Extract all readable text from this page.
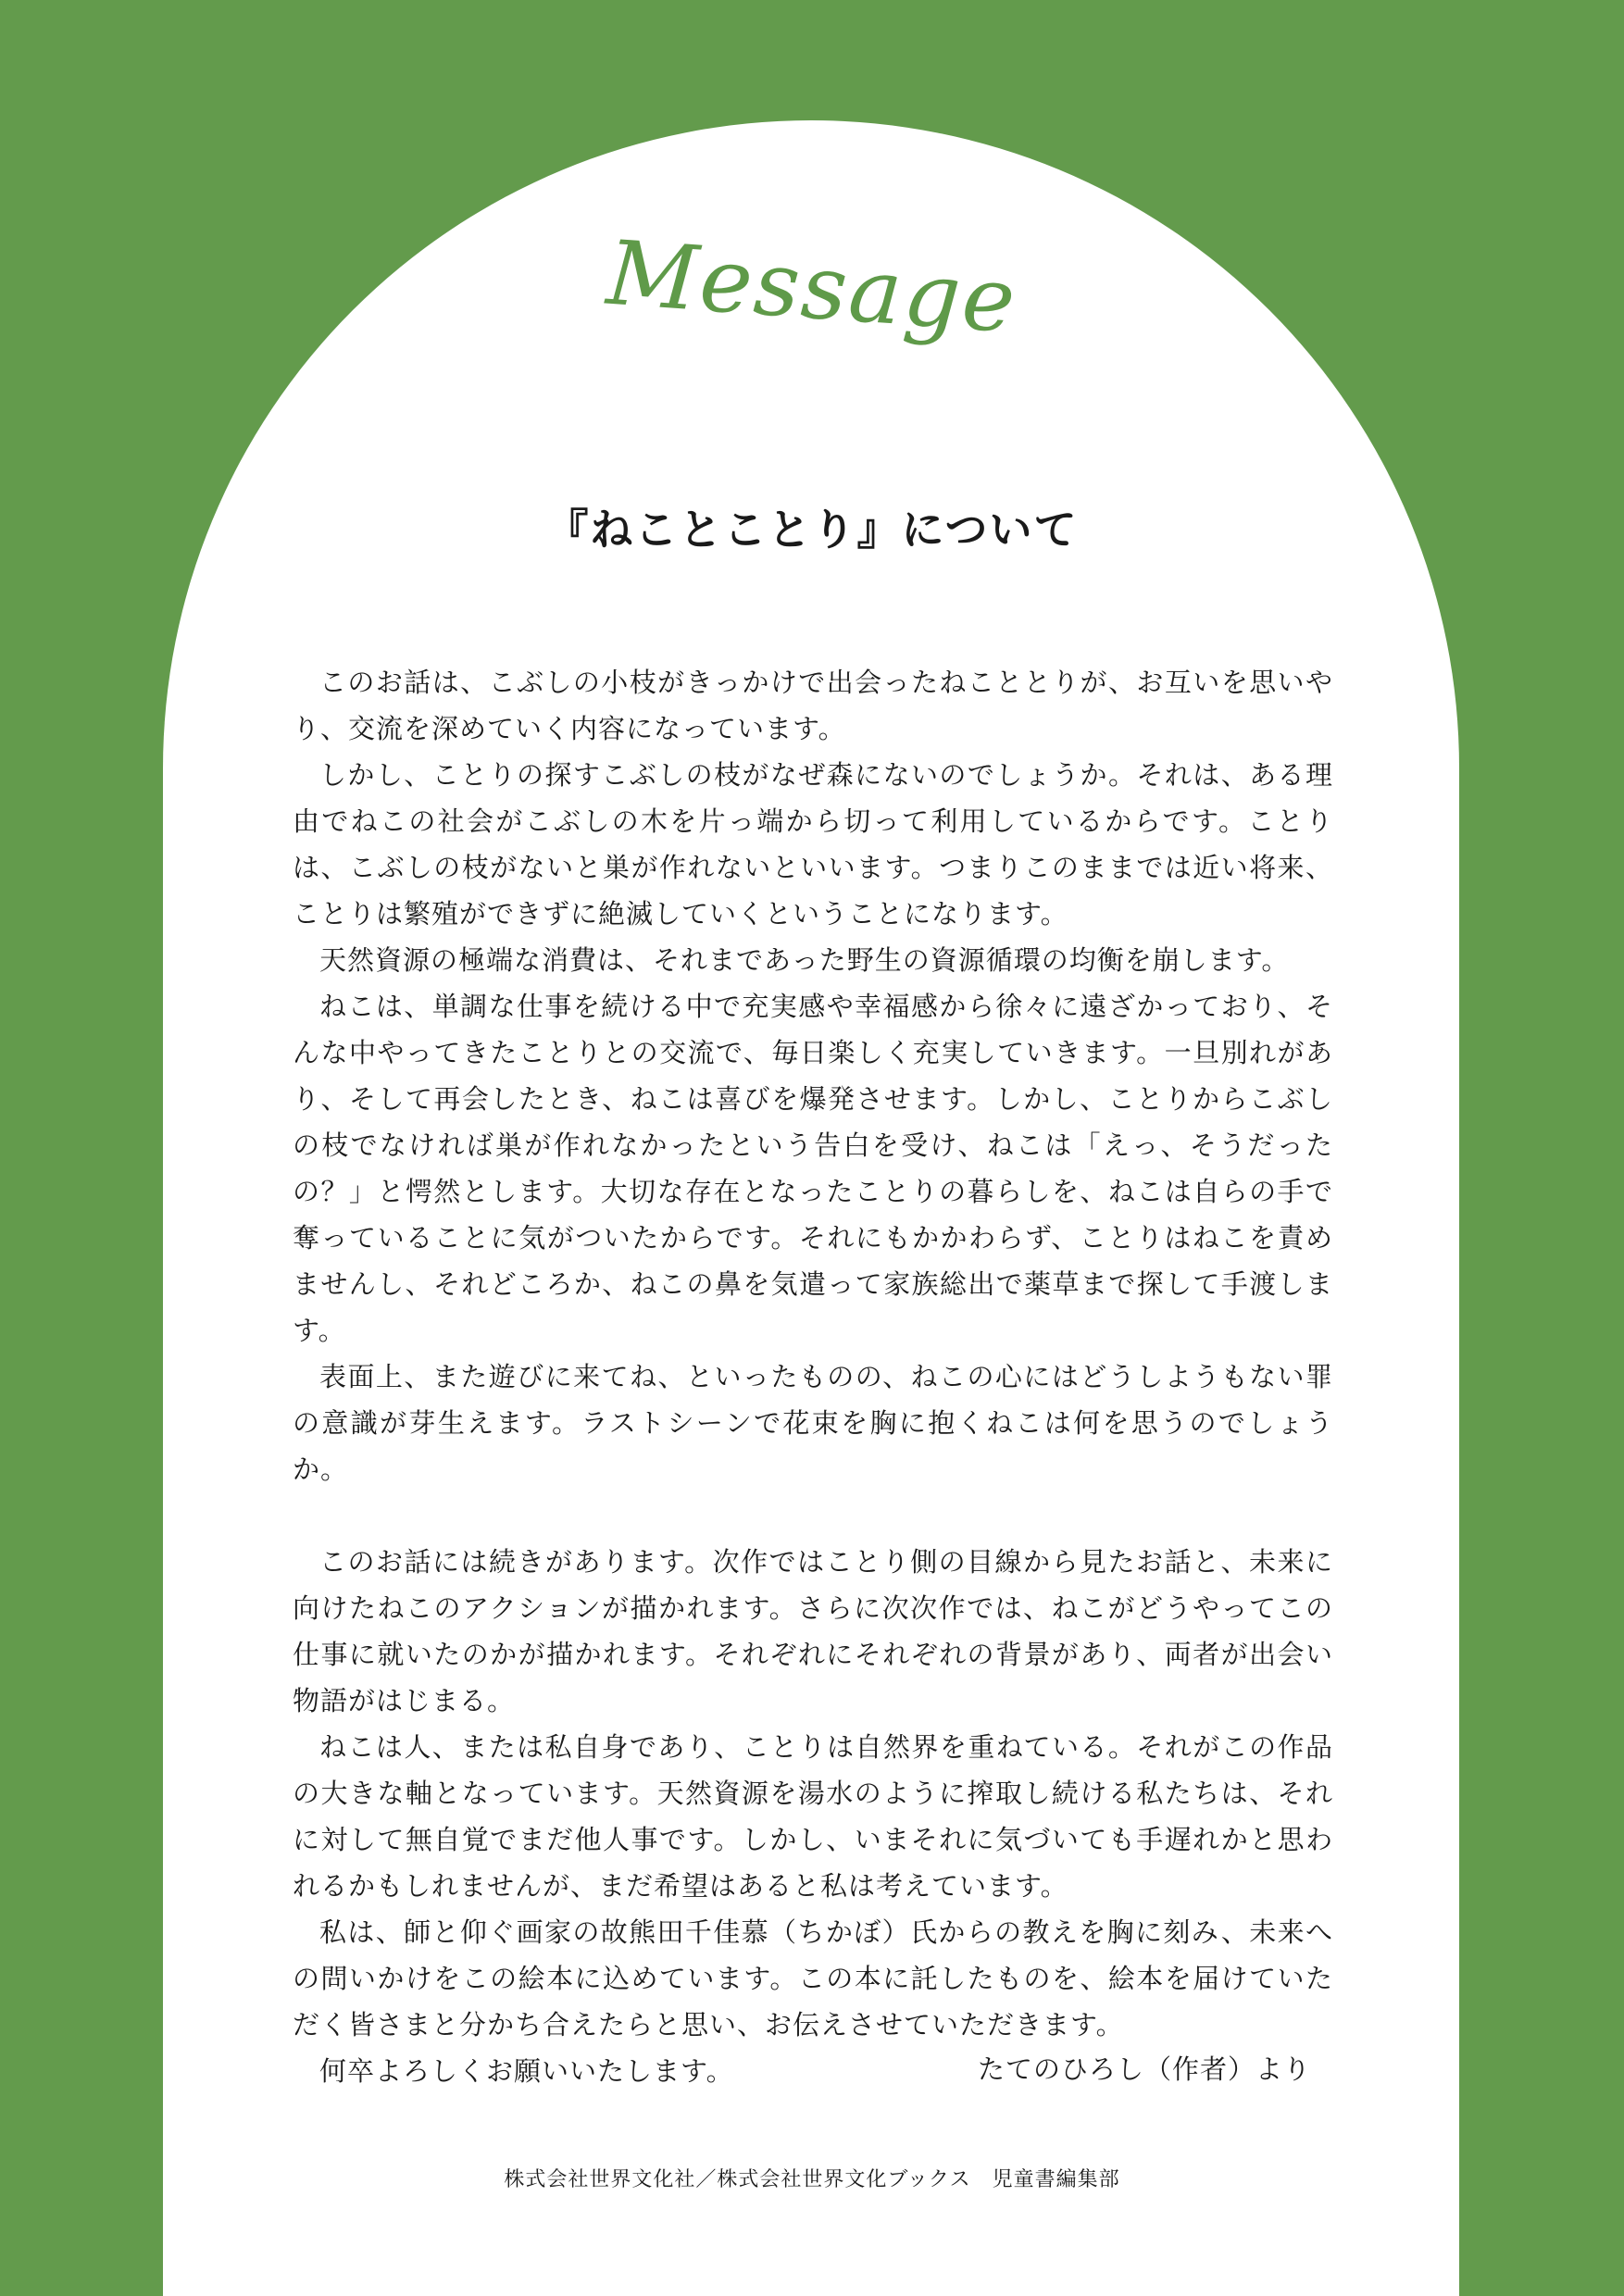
Message
『ねことことり』について

このお話は、こぶしの小枝がきっかけで出会ったねこととりが、お互いを思いやり、交流を深めていく内容になっています。

しかし、ことりの探すこぶしの枝がなぜ森にないのでしょうか。それは、ある理由でねこの社会がこぶしの木を片っ端から切って利用しているからです。ことりは、こぶしの枝がないと巣が作れないといいます。つまりこのままでは近い将来、ことりは繁殖ができずに絶滅していくということになります。

天然資源の極端な消費は、それまであった野生の資源循環の均衡を崩します。

ねこは、単調な仕事を続ける中で充実感や幸福感から徐々に遠ざかっており、そんな中やってきたことりとの交流で、毎日楽しく充実していきます。一旦別れがあり、そして再会したとき、ねこは喜びを爆発させます。しかし、ことりからこぶしの枝でなければ巣が作れなかったという告白を受け、ねこは「えっ、そうだったの？」と愕然とします。大切な存在となったことりの暮らしを、ねこは自らの手で奪っていることに気がついたからです。それにもかかわらず、ことりはねこを責めませんし、それどころか、ねこの鼻を気遣って家族総出で薬草まで探して手渡します。

表面上、また遊びに来てね、といったものの、ねこの心にはどうしようもない罪の意識が芽生えます。ラストシーンで花束を胸に抱くねこは何を思うのでしょうか。

このお話には続きがあります。次作ではことり側の目線から見たお話と、未来に向けたねこのアクションが描かれます。さらに次次作では、ねこがどうやってこの仕事に就いたのかが描かれます。それぞれにそれぞれの背景があり、両者が出会い物語がはじまる。

ねこは人、または私自身であり、ことりは自然界を重ねている。それがこの作品の大きな軸となっています。天然資源を湯水のように搾取し続ける私たちは、それに対して無自覚でまだ他人事です。しかし、いまそれに気づいても手遅れかと思われるかもしれませんが、まだ希望はあると私は考えています。

私は、師と仰ぐ画家の故熊田千佳慕（ちかぼ）氏からの教えを胸に刻み、未来への問いかけをこの絵本に込めています。この本に託したものを、絵本を届けていただく皆さまと分かち合えたらと思い、お伝えさせていただきます。

何卒よろしくお願いいたします。	たてのひろし（作者）より
株式会社世界文化社／株式会社世界文化ブックス　児童書編集部
